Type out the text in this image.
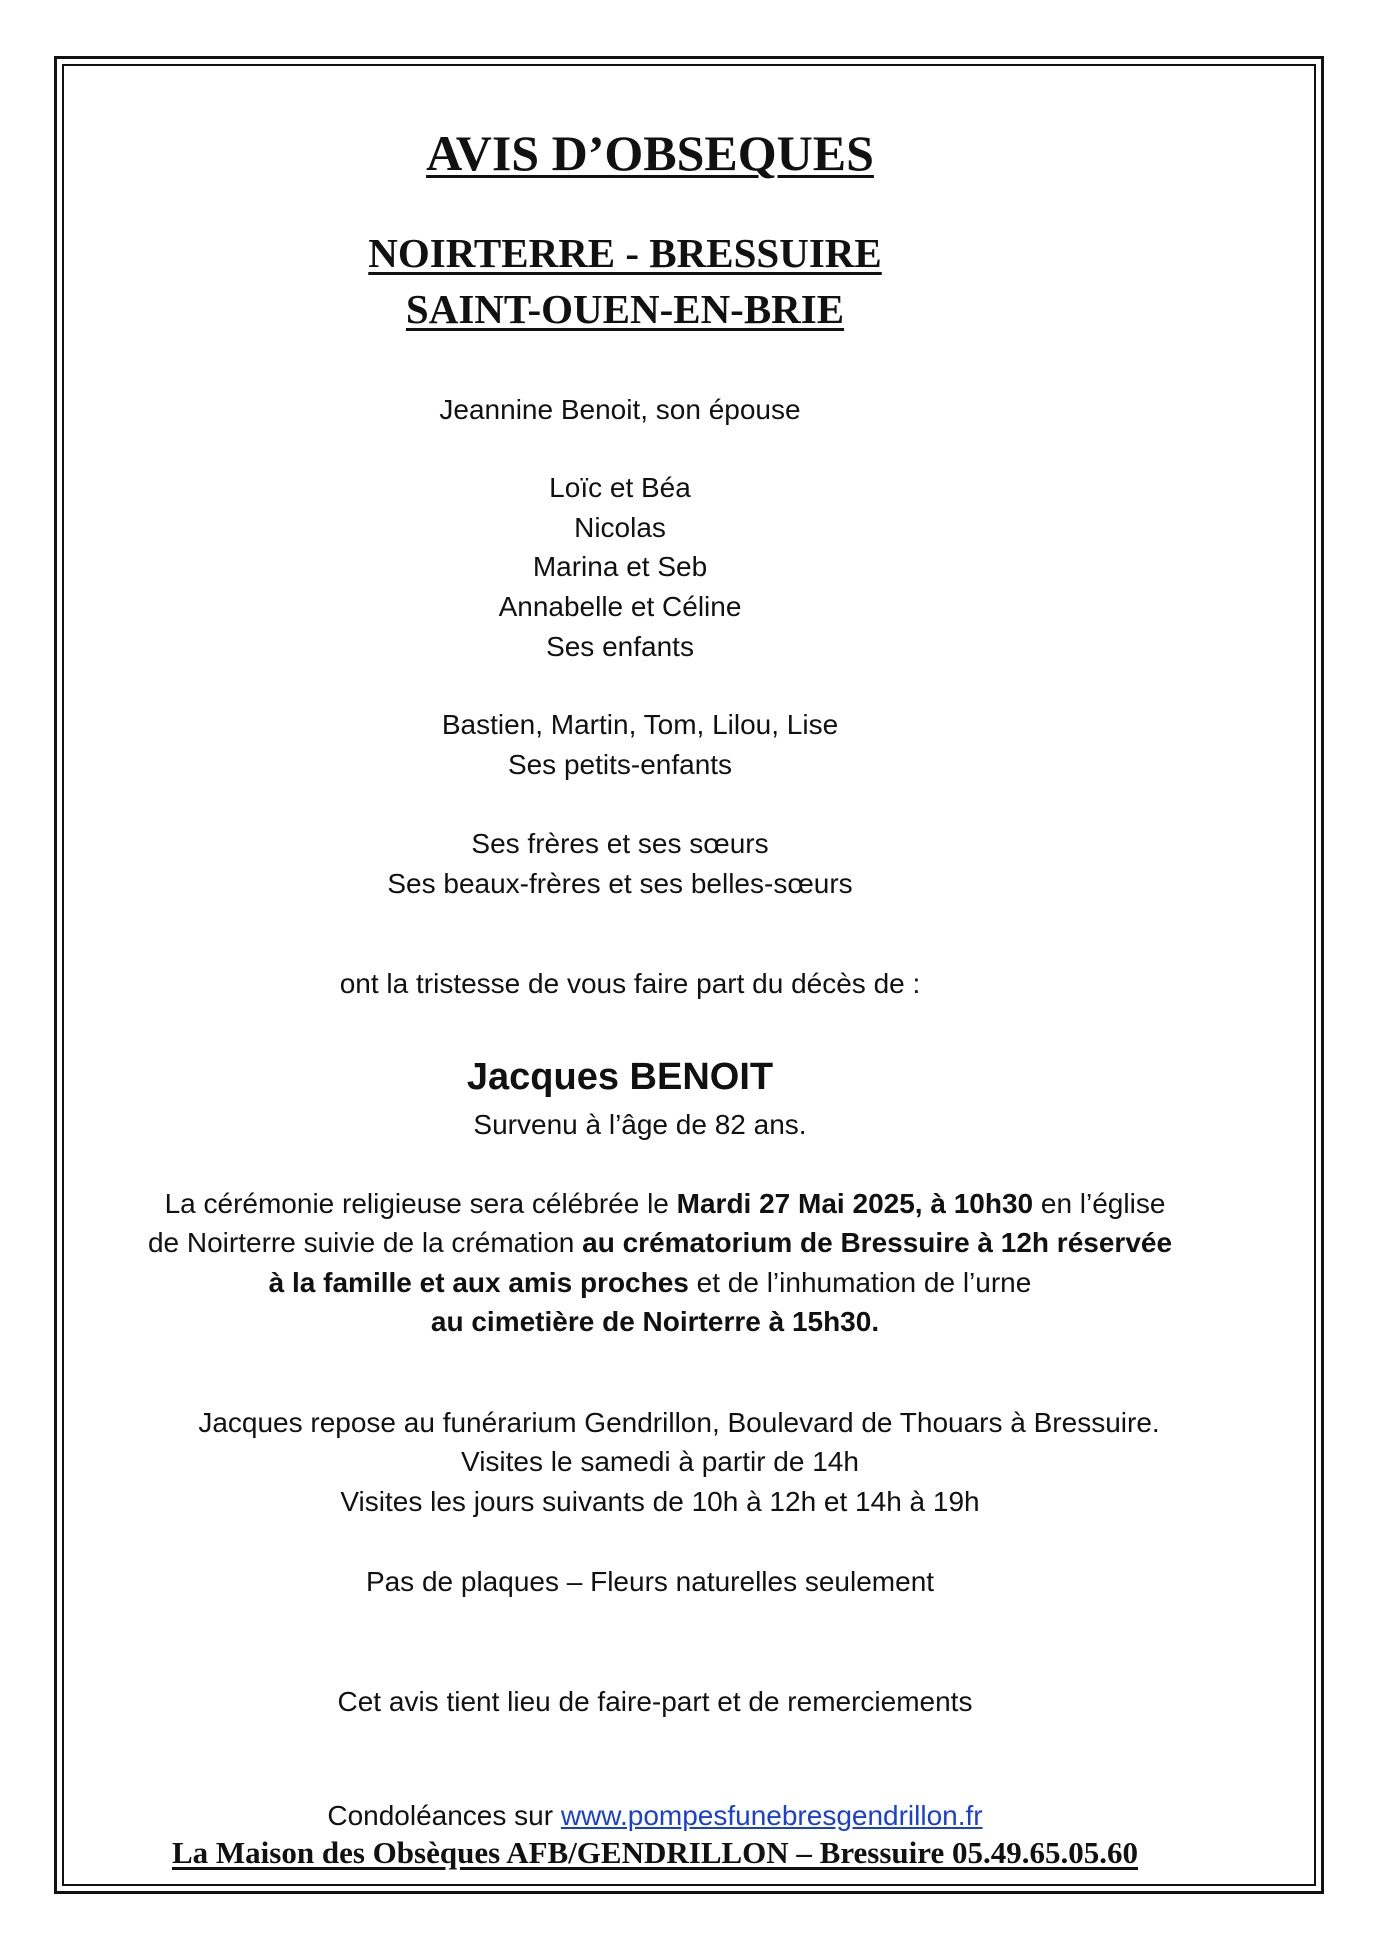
AVIS D’OBSEQUES
NOIRTERRE - BRESSUIRE
SAINT-OUEN-EN-BRIE
Jeannine Benoit, son épouse
Loïc et Béa
Nicolas
Marina et Seb
Annabelle et Céline
Ses enfants
Bastien, Martin, Tom, Lilou, Lise
Ses petits-enfants
Ses frères et ses sœurs
Ses beaux-frères et ses belles-sœurs
ont la tristesse de vous faire part du décès de :
Jacques BENOIT
Survenu à l’âge de 82 ans.
La cérémonie religieuse sera célébrée le Mardi 27 Mai 2025, à 10h30 en l’église
de Noirterre suivie de la crémation au crématorium de Bressuire à 12h réservée
à la famille et aux amis proches et de l’inhumation de l’urne
au cimetière de Noirterre à 15h30.
Jacques repose au funérarium Gendrillon, Boulevard de Thouars à Bressuire.
Visites le samedi à partir de 14h
Visites les jours suivants de 10h à 12h et 14h à 19h
Pas de plaques – Fleurs naturelles seulement
Cet avis tient lieu de faire-part et de remerciements
Condoléances sur www.pompesfunebresgendrillon.fr
La Maison des Obsèques AFB/GENDRILLON – Bressuire 05.49.65.05.60
